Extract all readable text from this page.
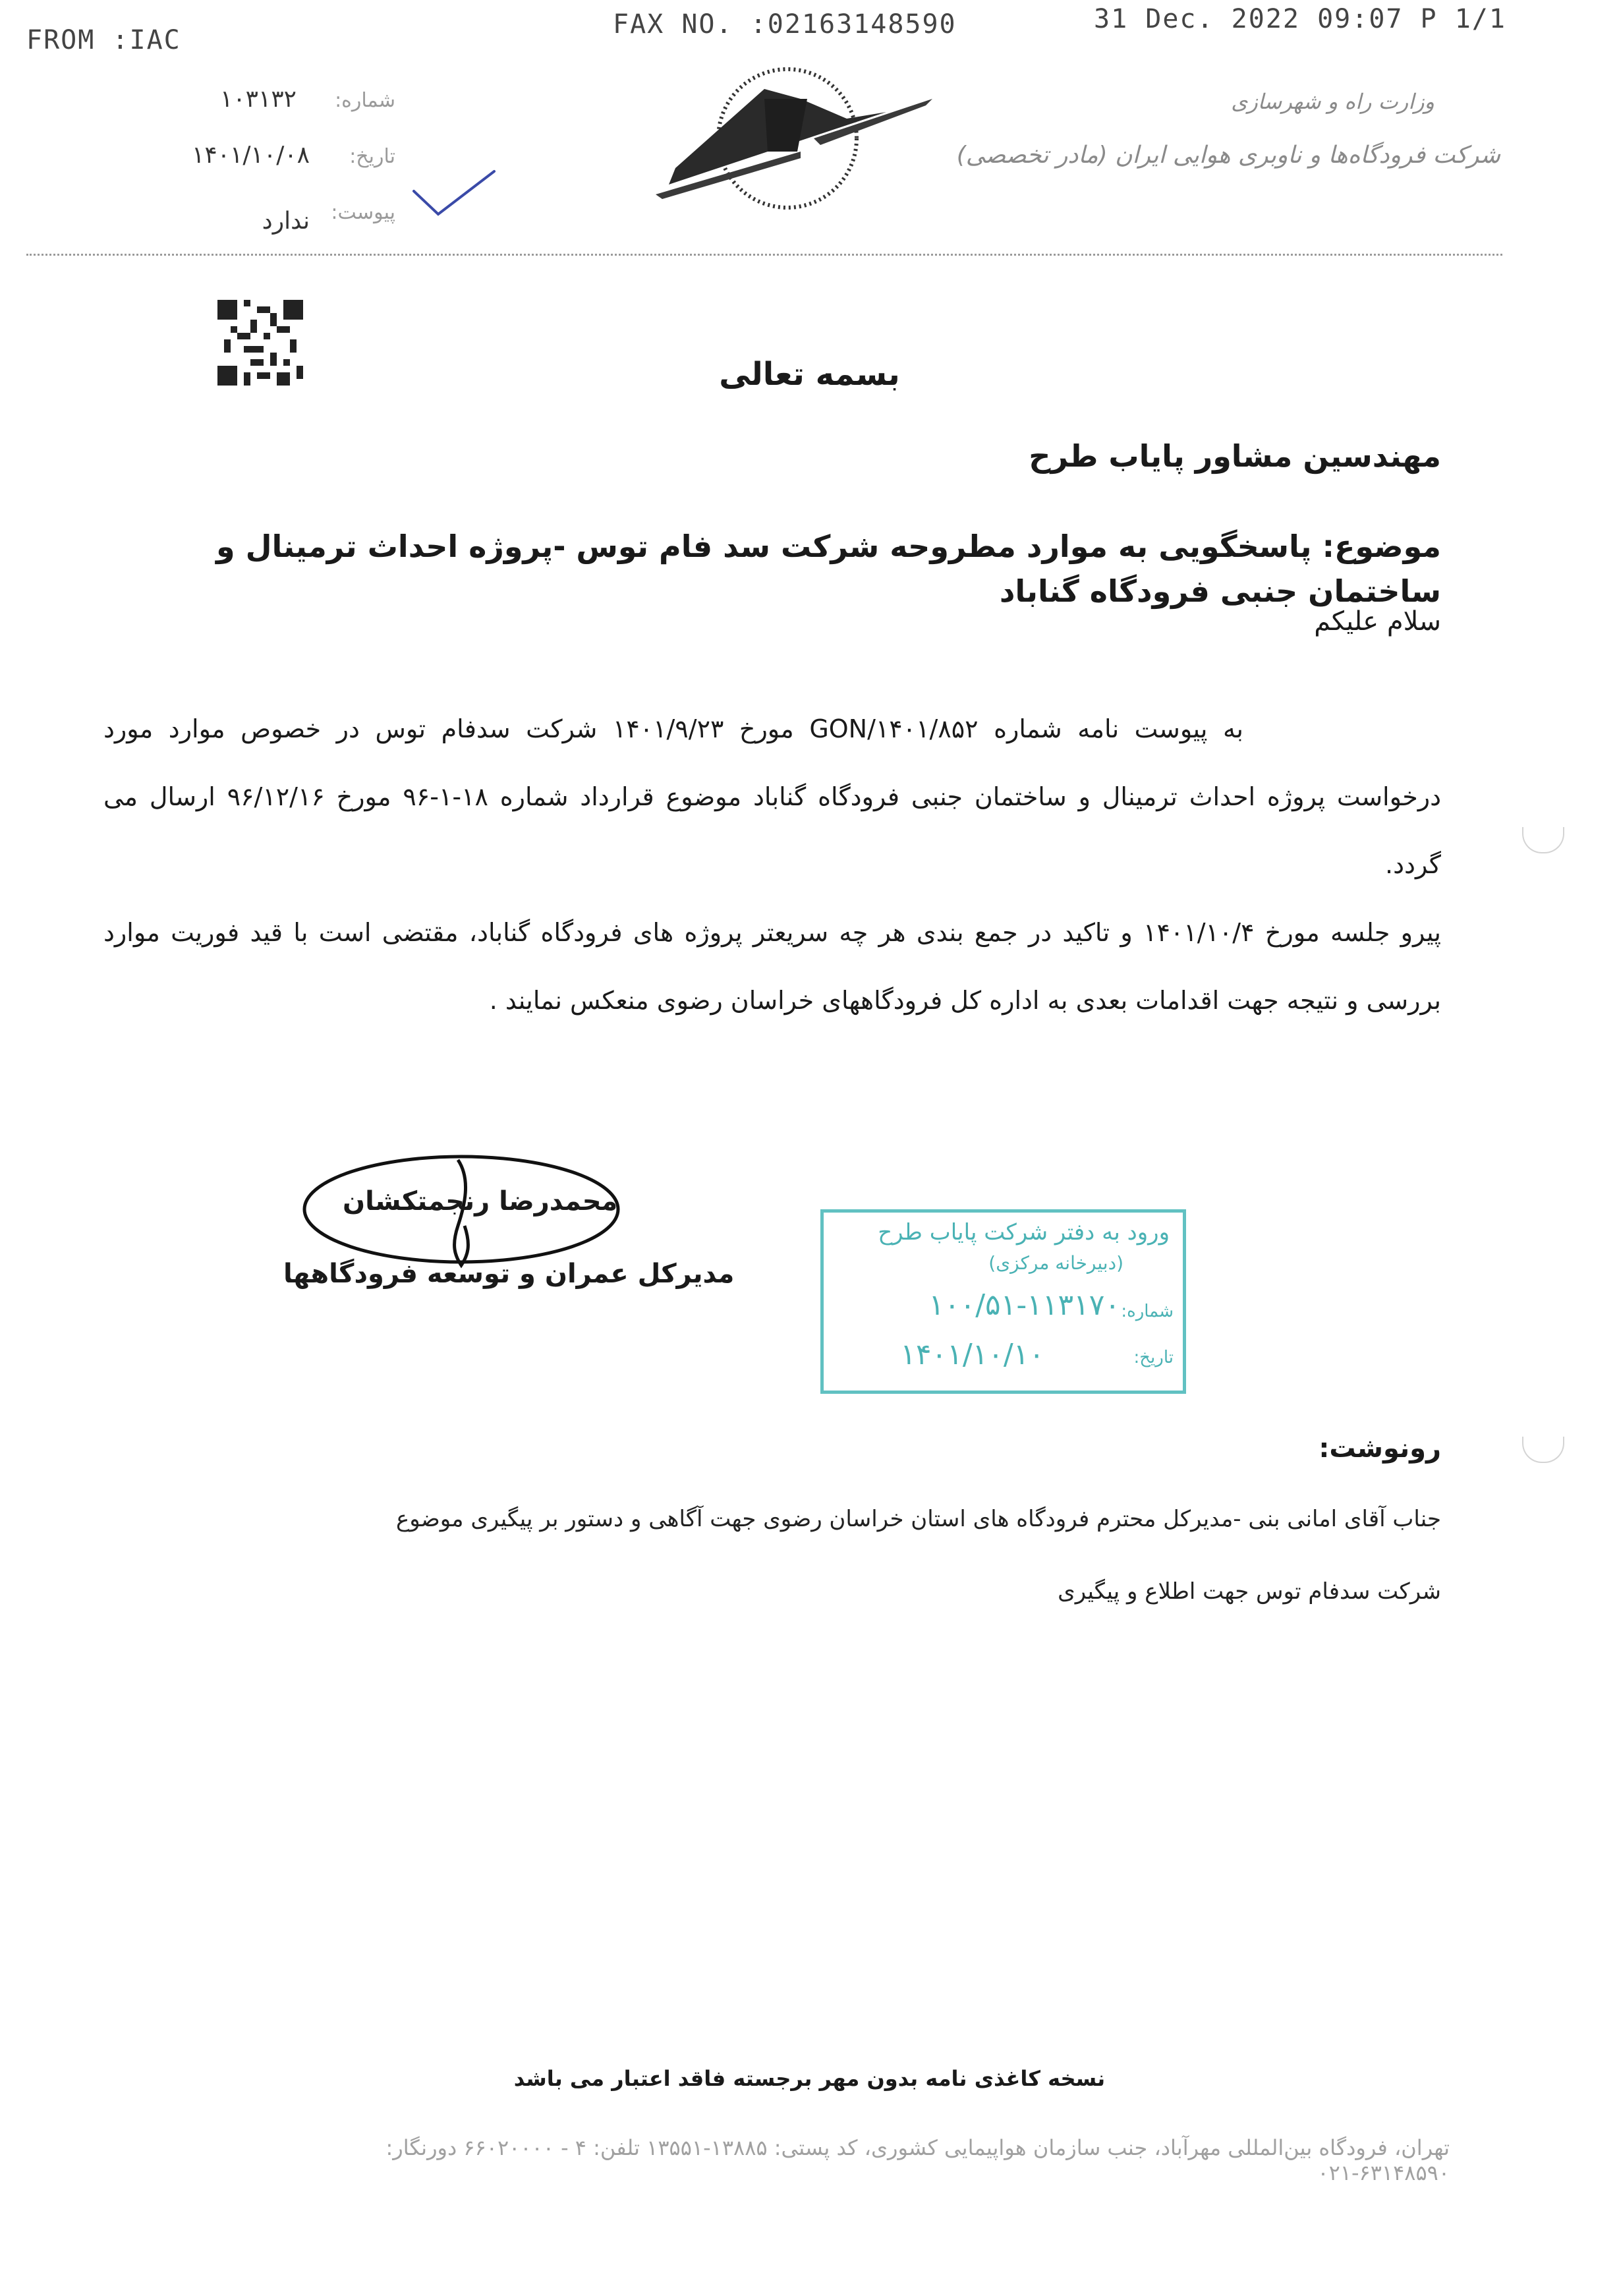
FROM :IAC
FAX NO. :02163148590	31 Dec. 2022 09:07 P 1/1
۱۰۳۱۳۲	شماره:
۱۴۰۱/۱۰/۰۸	تاریخ:
ندارد	پیوست:
وزارت راه و شهرسازی
شرکت فرودگاه‌ها و ناوبری هوایی ایران (مادر تخصصی)
بسمه تعالی
مهندسین مشاور پایاب طرح
موضوع: پاسخگویی به موارد مطروحه شرکت سد فام توس -پروژه احداث ترمینال و ساختمان جنبی فرودگاه گناباد
سلام علیکم

به پیوست نامه شماره GON/۱۴۰۱/۸۵۲ مورخ ۱۴۰۱/۹/۲۳ شرکت سدفام توس در خصوص موارد مورد درخواست پروژه احداث ترمینال و ساختمان جنبی فرودگاه گناباد موضوع قرارداد شماره ۱۸-۱-۹۶ مورخ ۹۶/۱۲/۱۶ ارسال می گردد.

پیرو جلسه مورخ ۱۴۰۱/۱۰/۴ و تاکید در جمع بندی هر چه سریعتر پروژه های فرودگاه گناباد، مقتضی است با قید فوریت موارد بررسی و نتیجه جهت اقدامات بعدی به اداره کل فرودگاههای خراسان رضوی منعکس نمایند .

محمدرضا رنجمتکشان
مدیرکل عمران و توسعه فرودگاهها
ورود به دفتر شرکت پایاب طرح
(دبیرخانه مرکزی)
شماره:
۱۰۰/۵۱-۱۱۳۱۷۰
تاریخ:
۱۴۰۱/۱۰/۱۰
رونوشت:
جناب آقای امانی بنی -مدیرکل محترم فرودگاه های استان خراسان رضوی جهت آگاهی و دستور بر پیگیری موضوع
شرکت سدفام توس جهت اطلاع و پیگیری
نسخه کاغذی نامه بدون مهر برجسته فاقد اعتبار می باشد
تهران، فرودگاه بین‌المللی مهرآباد، جنب سازمان هواپیمایی کشوری، کد پستی: ۱۳۸۸۵-۱۳۵۵۱ تلفن: ۴ - ۶۶۰۲۰۰۰۰ دورنگار: ۶۳۱۴۸۵۹۰-۰۲۱
